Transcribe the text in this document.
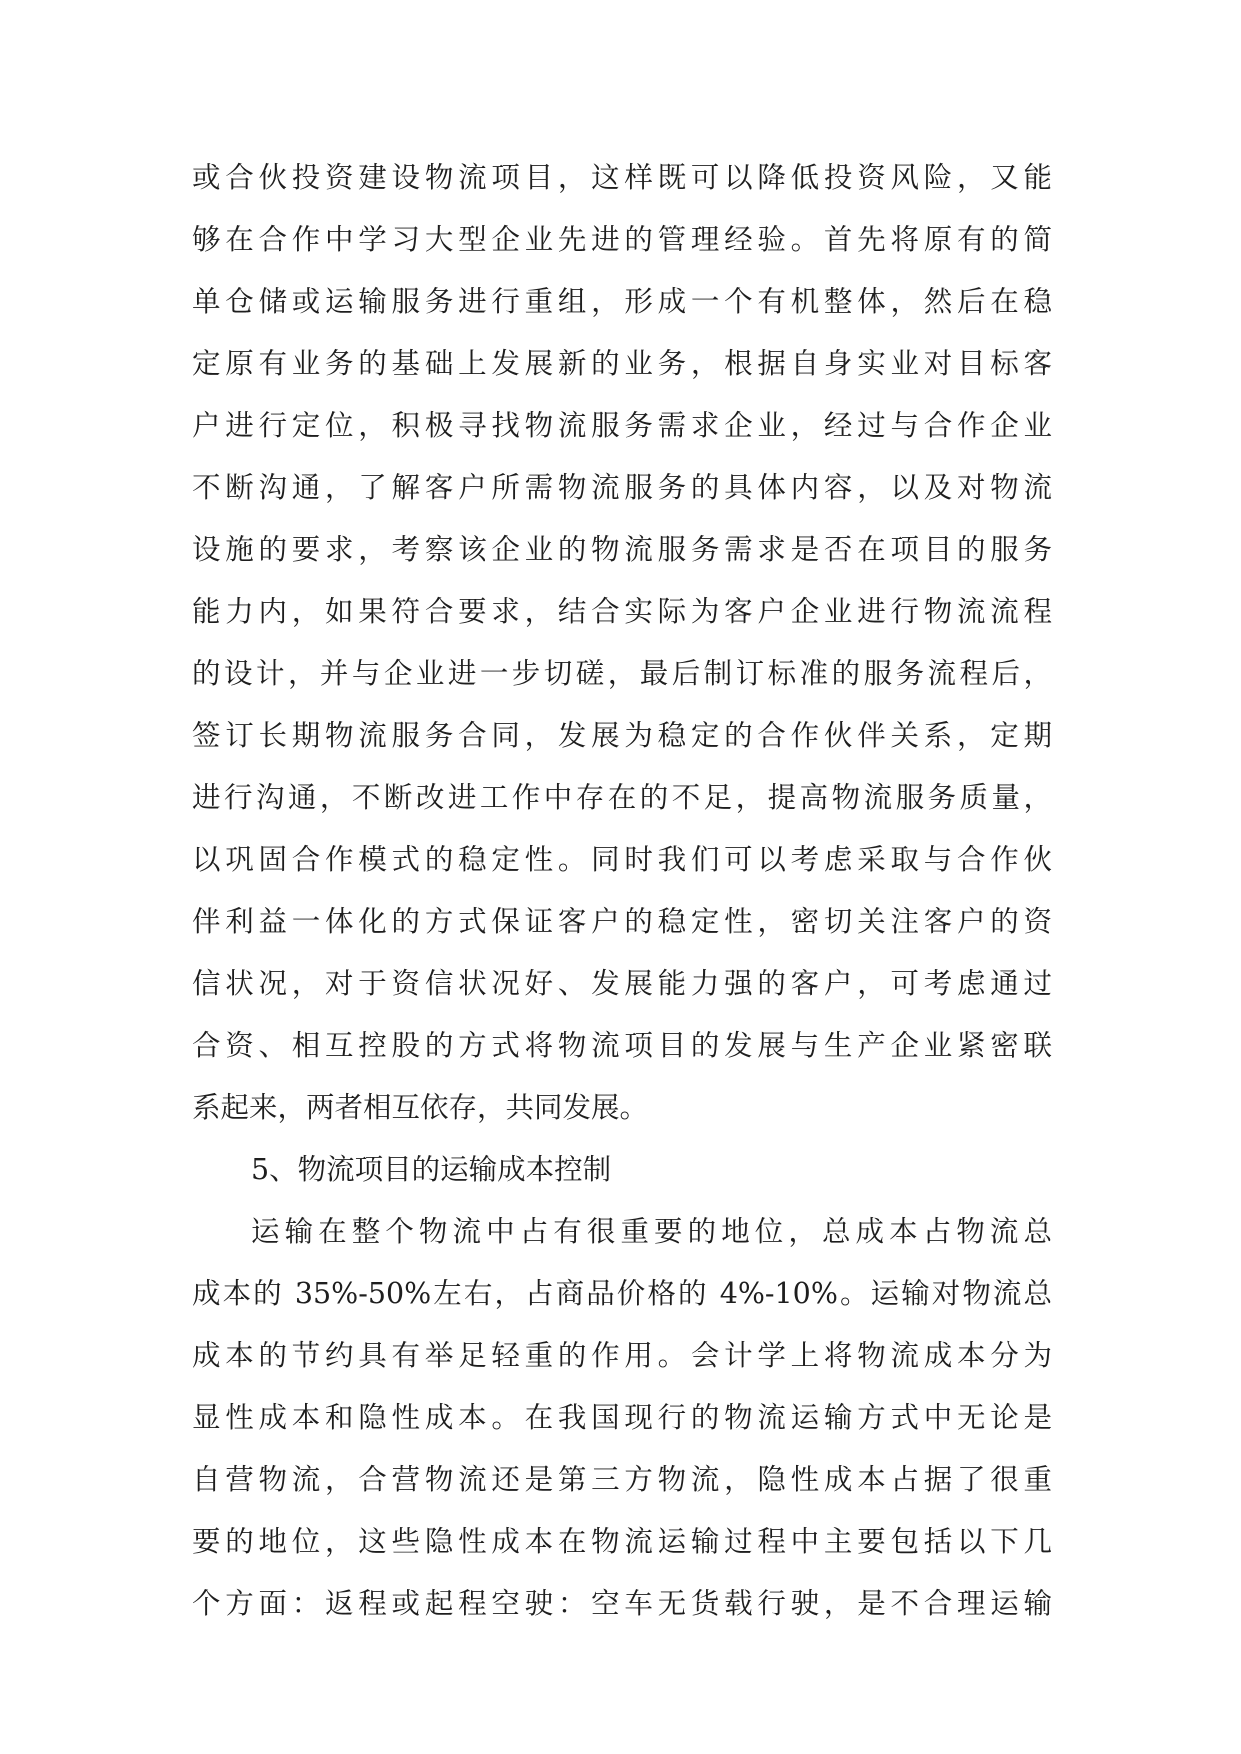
或合伙投资建设物流项目，这样既可以降低投资风险，又能
够在合作中学习大型企业先进的管理经验。首先将原有的简
单仓储或运输服务进行重组，形成一个有机整体，然后在稳
定原有业务的基础上发展新的业务，根据自身实业对目标客
户进行定位，积极寻找物流服务需求企业，经过与合作企业
不断沟通，了解客户所需物流服务的具体内容，以及对物流
设施的要求，考察该企业的物流服务需求是否在项目的服务
能力内，如果符合要求，结合实际为客户企业进行物流流程
的设计，并与企业进一步切磋，最后制订标准的服务流程后，
签订长期物流服务合同，发展为稳定的合作伙伴关系，定期
进行沟通，不断改进工作中存在的不足，提高物流服务质量，
以巩固合作模式的稳定性。同时我们可以考虑采取与合作伙
伴利益一体化的方式保证客户的稳定性，密切关注客户的资
信状况，对于资信状况好、发展能力强的客户，可考虑通过
合资、相互控股的方式将物流项目的发展与生产企业紧密联
系起来，两者相互依存，共同发展。
5、物流项目的运输成本控制
运输在整个物流中占有很重要的地位，总成本占物流总
成本的 35%-50%左右，占商品价格的 4%-10%。运输对物流总
成本的节约具有举足轻重的作用。会计学上将物流成本分为
显性成本和隐性成本。在我国现行的物流运输方式中无论是
自营物流，合营物流还是第三方物流，隐性成本占据了很重
要的地位，这些隐性成本在物流运输过程中主要包括以下几
个方面：返程或起程空驶：空车无货载行驶，是不合理运输
